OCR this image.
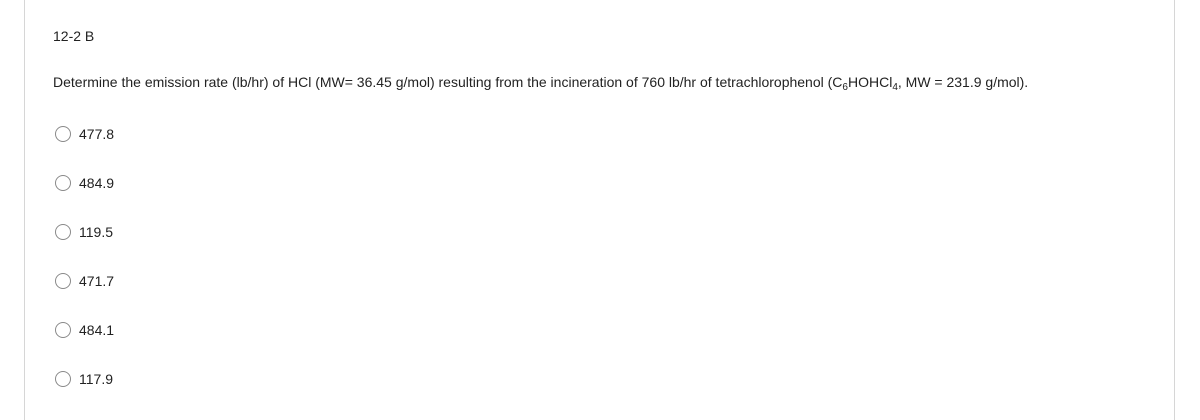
12-2 B
Determine the emission rate (lb/hr) of HCl (MW= 36.45 g/mol) resulting from the incineration of 760 lb/hr of tetrachlorophenol ($C_6HOHCl_4$, MW = 231.9 g/mol).
477.8
484.9
119.5
471.7
484.1
117.9
